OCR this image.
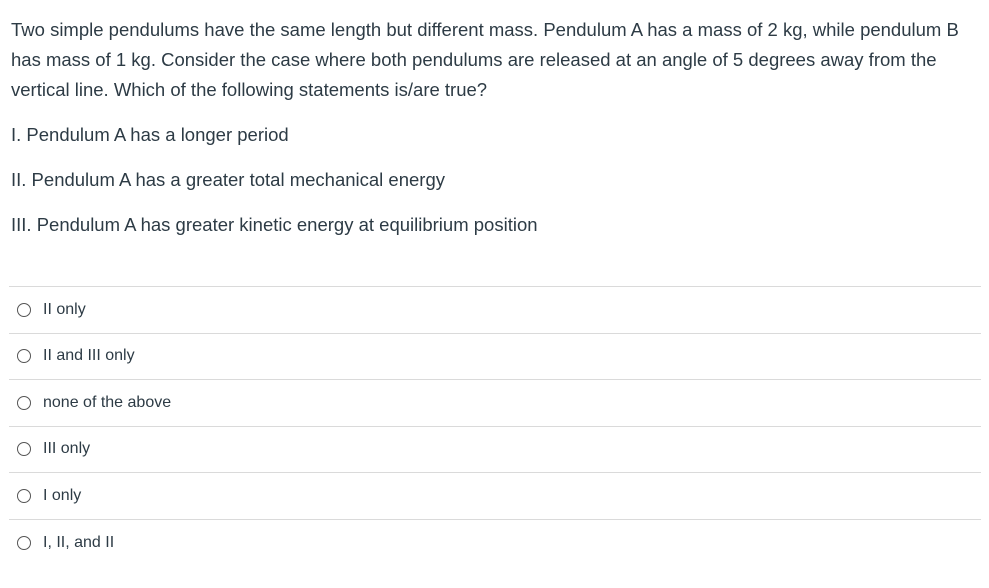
Two simple pendulums have the same length but different mass. Pendulum A has a mass of 2 kg, while pendulum B has mass of 1 kg. Consider the case where both pendulums are released at an angle of 5 degrees away from the vertical line. Which of the following statements is/are true?

I. Pendulum A has a longer period
II. Pendulum A has a greater total mechanical energy
III. Pendulum A has greater kinetic energy at equilibrium position
II only
II and III only
none of the above
III only
I only
I, II, and II
